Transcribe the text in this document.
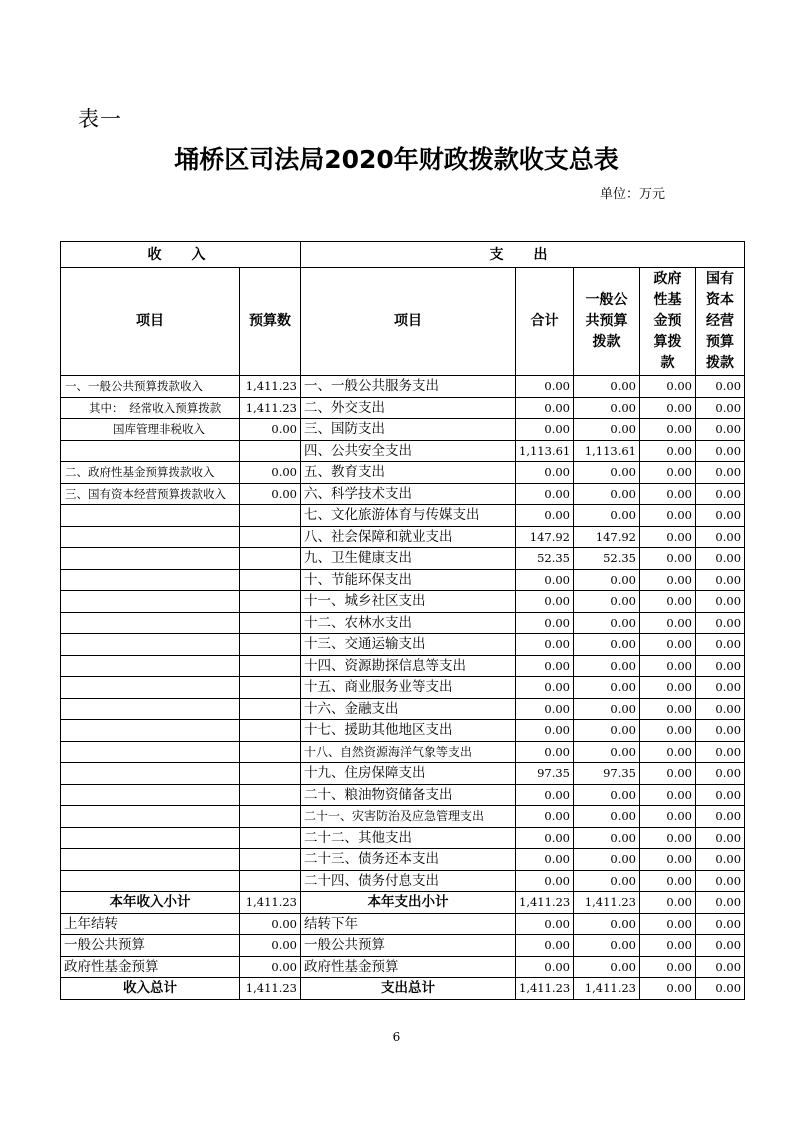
表一
埇桥区司法局2020年财政拨款收支总表
单位：万元
收　入		支　出				
项目	预算数	项目	合计	一般公共预算拨款	政府性基金预算拨款	国有资本经营预算拨款

一、一般公共预算拨款收入	1,411.23	一、一般公共服务支出	0.00	0.00	0.00	0.00
其中：　经常收入预算拨款	1,411.23	二、外交支出	0.00	0.00	0.00	0.00
国库管理非税收入	0.00	三、国防支出	0.00	0.00	0.00	0.00
		四、公共安全支出	1,113.61	1,113.61	0.00	0.00
二、政府性基金预算拨款收入	0.00	五、教育支出	0.00	0.00	0.00	0.00
三、国有资本经营预算拨款收入	0.00	六、科学技术支出	0.00	0.00	0.00	0.00
		七、文化旅游体育与传媒支出	0.00	0.00	0.00	0.00
		八、社会保障和就业支出	147.92	147.92	0.00	0.00
		九、卫生健康支出	52.35	52.35	0.00	0.00
		十、节能环保支出	0.00	0.00	0.00	0.00
		十一、城乡社区支出	0.00	0.00	0.00	0.00
		十二、农林水支出	0.00	0.00	0.00	0.00
		十三、交通运输支出	0.00	0.00	0.00	0.00
		十四、资源勘探信息等支出	0.00	0.00	0.00	0.00
		十五、商业服务业等支出	0.00	0.00	0.00	0.00
		十六、金融支出	0.00	0.00	0.00	0.00
		十七、援助其他地区支出	0.00	0.00	0.00	0.00
		十八、自然资源海洋气象等支出	0.00	0.00	0.00	0.00
		十九、住房保障支出	97.35	97.35	0.00	0.00
		二十、粮油物资储备支出	0.00	0.00	0.00	0.00
		二十一、灾害防治及应急管理支出	0.00	0.00	0.00	0.00
		二十二、其他支出	0.00	0.00	0.00	0.00
		二十三、债务还本支出	0.00	0.00	0.00	0.00
		二十四、债务付息支出	0.00	0.00	0.00	0.00
本年收入小计	1,411.23	本年支出小计	1,411.23	1,411.23	0.00	0.00
上年结转	0.00	结转下年	0.00	0.00	0.00	0.00
一般公共预算	0.00	一般公共预算	0.00	0.00	0.00	0.00
政府性基金预算	0.00	政府性基金预算	0.00	0.00	0.00	0.00
收入总计	1,411.23	支出总计	1,411.23	1,411.23	0.00	0.00
6
